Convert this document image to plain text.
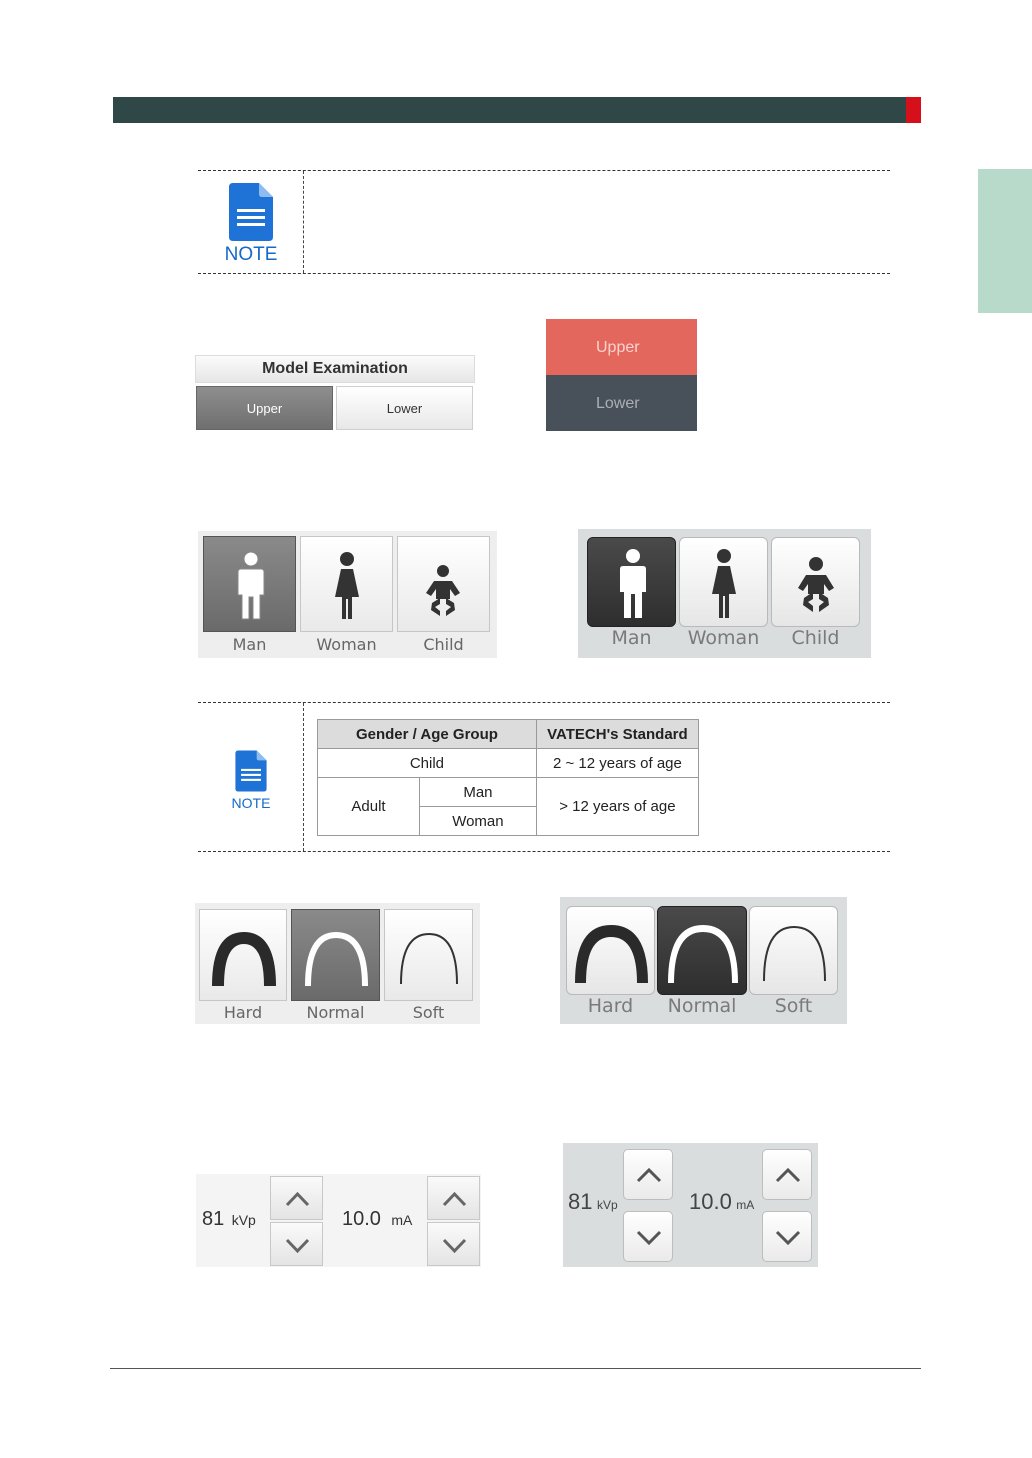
NOTE
Model Examination
Upper	Lower
Upper
Lower
Man	Woman	Child	Man	Woman	Child
NOTE
Gender / Age Group		VATECH's Standard
Child		2 ~ 12 years of age
Adult	Man	> 12 years of age
	Woman	
Hard	Normal	Soft	Hard	Normal	Soft
81 kVp	10.0 mA
81 kVp	10.0 mA
